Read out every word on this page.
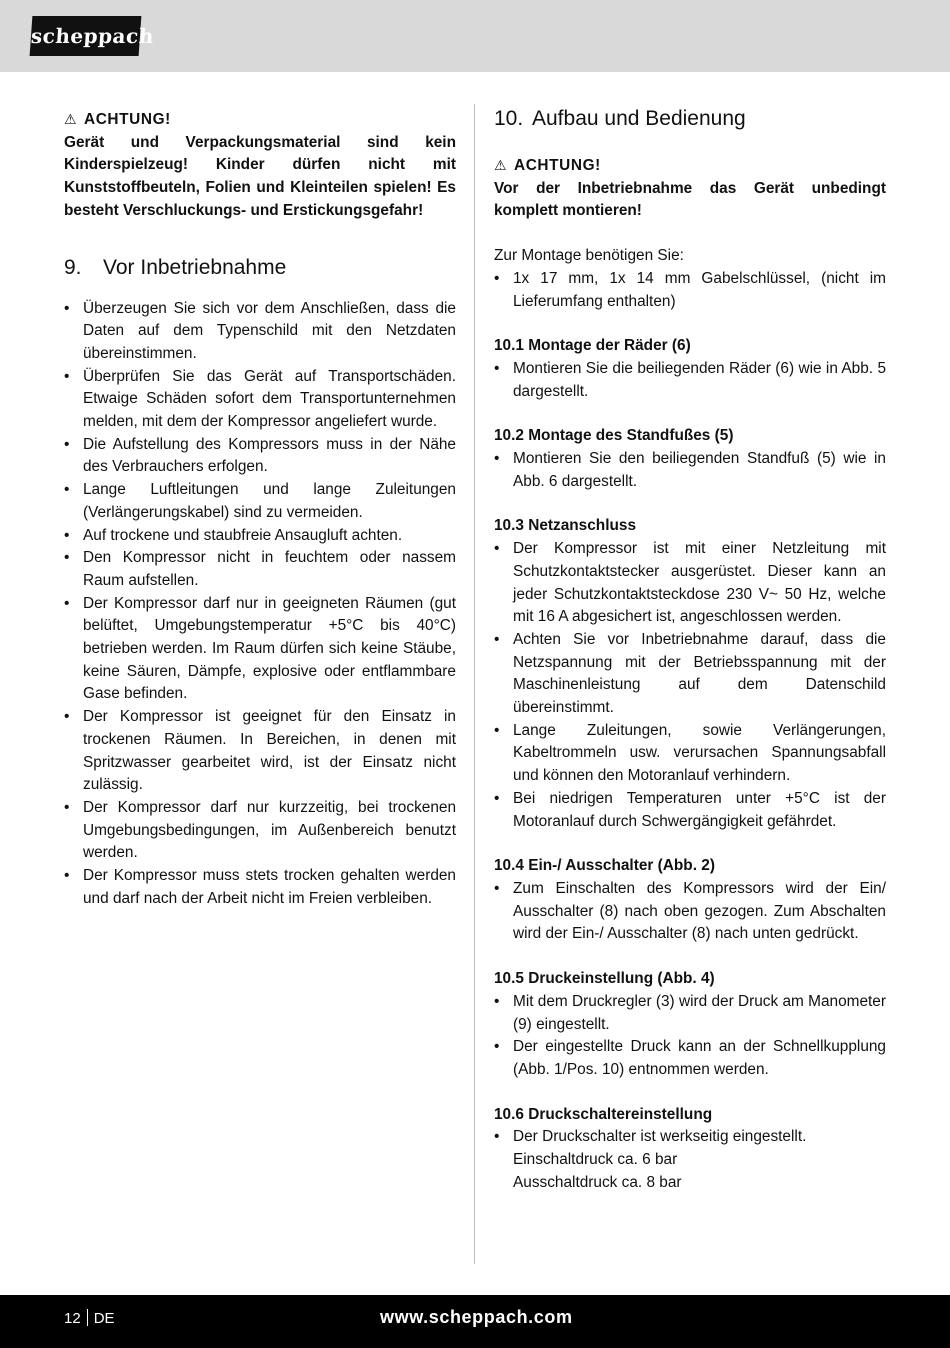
scheppach
⚠ ACHTUNG!
Gerät und Verpackungsmaterial sind kein Kinderspielzeug! Kinder dürfen nicht mit Kunststoffbeuteln, Folien und Kleinteilen spielen! Es besteht Verschluckungs- und Erstickungsgefahr!
9. Vor Inbetriebnahme
• Überzeugen Sie sich vor dem Anschließen, dass die Daten auf dem Typenschild mit den Netzdaten übereinstimmen.
• Überprüfen Sie das Gerät auf Transportschäden. Etwaige Schäden sofort dem Transportunternehmen melden, mit dem der Kompressor angeliefert wurde.
• Die Aufstellung des Kompressors muss in der Nähe des Verbrauchers erfolgen.
• Lange Luftleitungen und lange Zuleitungen (Verlängerungskabel) sind zu vermeiden.
• Auf trockene und staubfreie Ansaugluft achten.
• Den Kompressor nicht in feuchtem oder nassem Raum aufstellen.
• Der Kompressor darf nur in geeigneten Räumen (gut belüftet, Umgebungstemperatur +5°C bis 40°C) betrieben werden. Im Raum dürfen sich keine Stäube, keine Säuren, Dämpfe, explosive oder entflammbare Gase befinden.
• Der Kompressor ist geeignet für den Einsatz in trockenen Räumen. In Bereichen, in denen mit Spritzwasser gearbeitet wird, ist der Einsatz nicht zulässig.
• Der Kompressor darf nur kurzzeitig, bei trockenen Umgebungsbedingungen, im Außenbereich benutzt werden.
• Der Kompressor muss stets trocken gehalten werden und darf nach der Arbeit nicht im Freien verbleiben.
10. Aufbau und Bedienung
⚠ ACHTUNG!
Vor der Inbetriebnahme das Gerät unbedingt komplett montieren!
Zur Montage benötigen Sie:
• 1x 17 mm, 1x 14 mm Gabelschlüssel, (nicht im Lieferumfang enthalten)
10.1 Montage der Räder (6)
• Montieren Sie die beiliegenden Räder (6) wie in Abb. 5 dargestellt.
10.2 Montage des Standfußes (5)
• Montieren Sie den beiliegenden Standfuß (5) wie in Abb. 6 dargestellt.
10.3 Netzanschluss
• Der Kompressor ist mit einer Netzleitung mit Schutzkontaktstecker ausgerüstet. Dieser kann an jeder Schutzkontaktsteckdose 230 V~ 50 Hz, welche mit 16 A abgesichert ist, angeschlossen werden.
• Achten Sie vor Inbetriebnahme darauf, dass die Netzspannung mit der Betriebsspannung mit der Maschinenleistung auf dem Datenschild übereinstimmt.
• Lange Zuleitungen, sowie Verlängerungen, Kabeltrommeln usw. verursachen Spannungsabfall und können den Motoranlauf verhindern.
• Bei niedrigen Temperaturen unter +5°C ist der Motoranlauf durch Schwergängigkeit gefährdet.
10.4 Ein-/ Ausschalter (Abb. 2)
• Zum Einschalten des Kompressors wird der Ein/ Ausschalter (8) nach oben gezogen. Zum Abschalten wird der Ein-/ Ausschalter (8) nach unten gedrückt.
10.5 Druckeinstellung (Abb. 4)
• Mit dem Druckregler (3) wird der Druck am Manometer (9) eingestellt.
• Der eingestellte Druck kann an der Schnellkupplung (Abb. 1/Pos. 10) entnommen werden.
10.6 Druckschaltereinstellung
• Der Druckschalter ist werkseitig eingestellt.
Einschaltdruck ca. 6 bar
Ausschaltdruck ca. 8 bar
12 DE	www.scheppach.com
